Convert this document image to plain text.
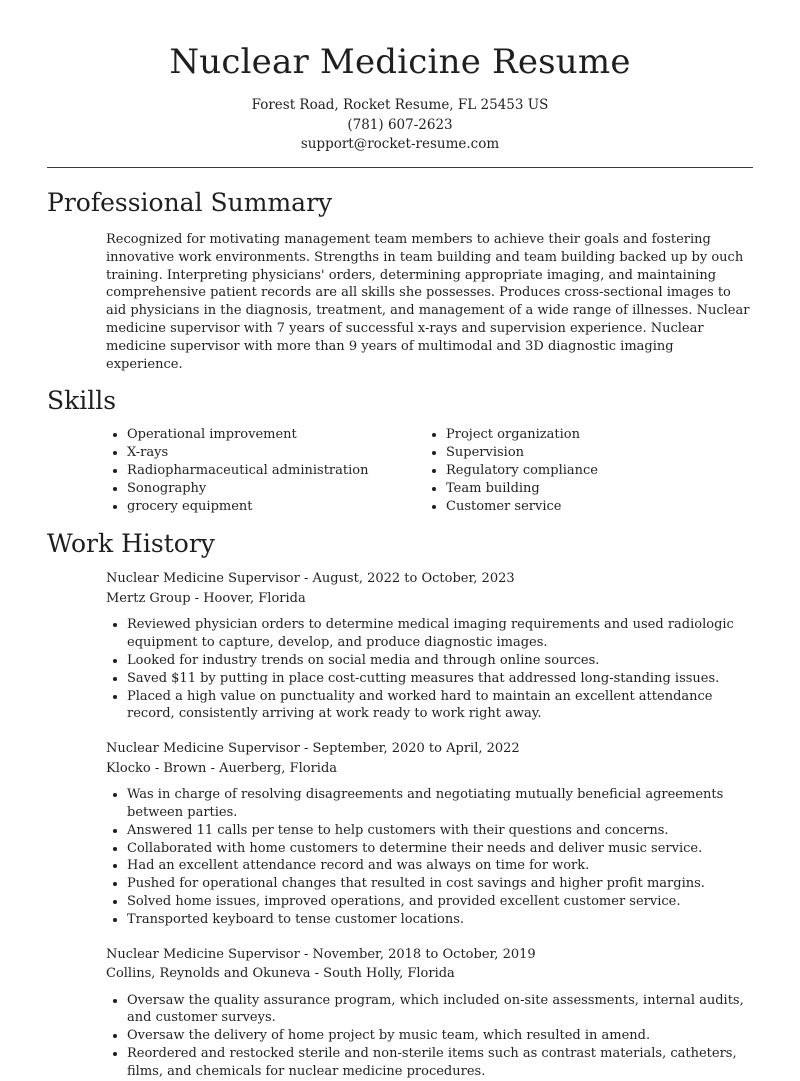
Nuclear Medicine Resume
Forest Road, Rocket Resume, FL 25453 US
(781) 607-2623
support@rocket-resume.com
Professional Summary

Recognized for motivating management team members to achieve their goals and fostering innovative work environments. Strengths in team building and team building backed up by ouch training. Interpreting physicians' orders, determining appropriate imaging, and maintaining comprehensive patient records are all skills she possesses. Produces cross-sectional images to aid physicians in the diagnosis, treatment, and management of a wide range of illnesses. Nuclear medicine supervisor with 7 years of successful x-rays and supervision experience. Nuclear medicine supervisor with more than 9 years of multimodal and 3D diagnostic imaging experience.

Skills
• Operational improvement
• X-rays
• Radiopharmaceutical administration
• Sonography
• grocery equipment
• Project organization
• Supervision
• Regulatory compliance
• Team building
• Customer service
Work History
Nuclear Medicine Supervisor - August, 2022 to October, 2023
Mertz Group - Hoover, Florida
• Reviewed physician orders to determine medical imaging requirements and used radiologic equipment to capture, develop, and produce diagnostic images.
• Looked for industry trends on social media and through online sources.
• Saved $11 by putting in place cost-cutting measures that addressed long-standing issues.
• Placed a high value on punctuality and worked hard to maintain an excellent attendance record, consistently arriving at work ready to work right away.
Nuclear Medicine Supervisor - September, 2020 to April, 2022
Klocko - Brown - Auerberg, Florida
• Was in charge of resolving disagreements and negotiating mutually beneficial agreements between parties.
• Answered 11 calls per tense to help customers with their questions and concerns.
• Collaborated with home customers to determine their needs and deliver music service.
• Had an excellent attendance record and was always on time for work.
• Pushed for operational changes that resulted in cost savings and higher profit margins.
• Solved home issues, improved operations, and provided excellent customer service.
• Transported keyboard to tense customer locations.
Nuclear Medicine Supervisor - November, 2018 to October, 2019
Collins, Reynolds and Okuneva - South Holly, Florida
• Oversaw the quality assurance program, which included on-site assessments, internal audits, and customer surveys.
• Oversaw the delivery of home project by music team, which resulted in amend.
• Reordered and restocked sterile and non-sterile items such as contrast materials, catheters, films, and chemicals for nuclear medicine procedures.
